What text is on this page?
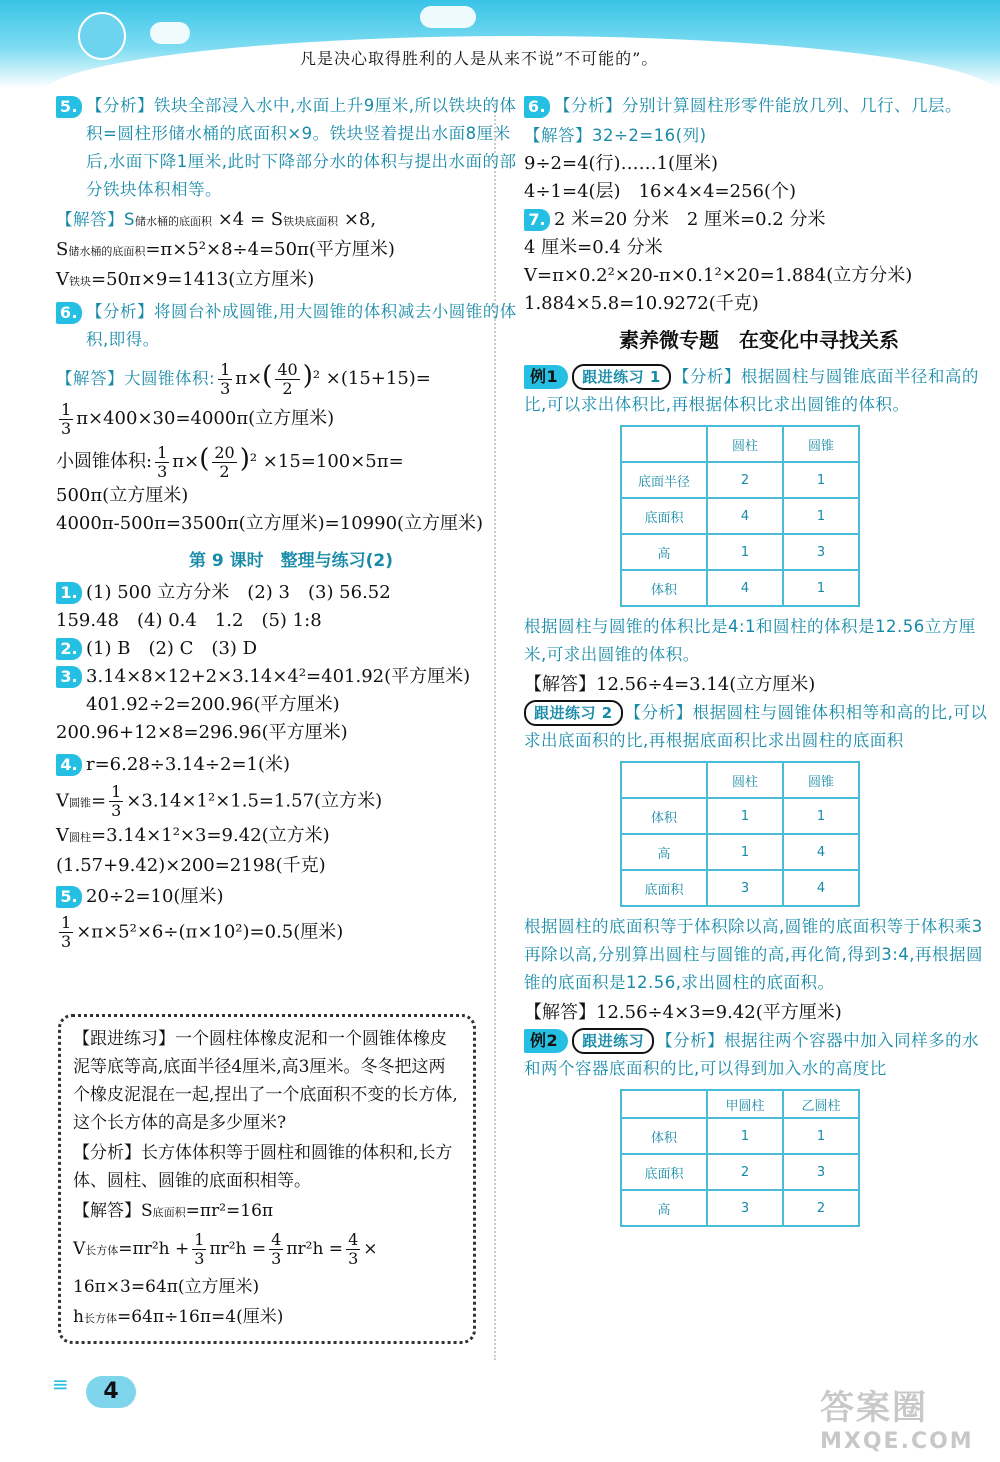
凡是决心取得胜利的人是从来不说”不可能的”。
5. 【分析】铁块全部浸入水中,水面上升9厘米,所以铁块的体积=圆柱形储水桶的底面积×9。铁块竖着提出水面8厘米后,水面下降1厘米,此时下降部分水的体积与提出水面的部分铁块体积相等。
【解答】S储水桶的底面积 ×4 = S铁块底面积 ×8,
S储水桶的底面积=π×5²×8÷4=50π(平方厘米)
V铁块=50π×9=1413(立方厘米)
6. 【分析】将圆台补成圆锥,用大圆锥的体积减去小圆锥的体积,即得。
【解答】大圆锥体积: $\frac{1}{3} \pi\times( \frac{40}{2} )^2 \times(15+15)=$
$\frac{1}{3} \pi\times 400\times 30=4000\pi$(立方厘米)
小圆锥体积: $\frac{1}{3} \pi\times( \frac{20}{2} )^2 \times 15=100\times 5\pi=$
500π(立方厘米)
4000π-500π=3500π(立方厘米)=10990(立方厘米)
第 9 课时　整理与练习(2)
1. (1) 500 立方分米　(2) 3　(3) 56.52
159.48　(4) 0.4　1.2　(5) 1:8
2. (1) B　(2) C　(3) D
3. 3.14×8×12+2×3.14×4²=401.92(平方厘米)　401.92÷2=200.96(平方厘米)
200.96+12×8=296.96(平方厘米)
4. r=6.28÷3.14÷2=1(米)
V圆锥= $\frac{1}{3} \times 3.14\times 1^2\times 1.5=1.57$(立方米)
V圆柱=3.14×1²×3=9.42(立方米)
(1.57+9.42)×200=2198(千克)
5. 20÷2=10(厘米)
$\frac{1}{3} \times\pi\times 5^2\times 6\div(\pi\times 10^2)=0.5$(厘米)
【跟进练习】一个圆柱体橡皮泥和一个圆锥体橡皮泥等底等高,底面半径4厘米,高3厘米。冬冬把这两个橡皮泥混在一起,捏出了一个底面积不变的长方体,这个长方体的高是多少厘米?
【分析】长方体体积等于圆柱和圆锥的体积和,长方体、圆柱、圆锥的底面积相等。
【解答】S底面积=πr²=16π
V长方体$=\pi r^2h + \frac{1}{3} \pi r^2h = \frac{4}{3} \pi r^2h = \frac{4}{3}$ ×
16π×3=64π(立方厘米)
h长方体=64π÷16π=4(厘米)
6. 【分析】分别计算圆柱形零件能放几列、几行、几层。
【解答】32÷2=16(列)
9÷2=4(行)……1(厘米)
4÷1=4(层)　16×4×4=256(个)
7. 2 米=20 分米　2 厘米=0.2 分米
4 厘米=0.4 分米
V=π×0.2²×20-π×0.1²×20=1.884(立方分米)　1.884×5.8=10.9272(千克)
素养微专题　在变化中寻找关系
例1 跟进练习 1 【分析】根据圆柱与圆锥底面半径和高的比,可以求出体积比,再根据体积比求出圆锥的体积。
	圆柱	圆锥
底面半径	2	1
底面积	4	1
高	1	3
体积	4	1
根据圆柱与圆锥的体积比是4:1和圆柱的体积是12.56立方厘米,可求出圆锥的体积。
【解答】12.56÷4=3.14(立方厘米)
跟进练习 2 【分析】根据圆柱与圆锥体积相等和高的比,可以求出底面积的比,再根据底面积比求出圆柱的底面积
	圆柱	圆锥
体积	1	1
高	1	4
底面积	3	4
根据圆柱的底面积等于体积除以高,圆锥的底面积等于体积乘3再除以高,分别算出圆柱与圆锥的高,再化简,得到3:4,再根据圆锥的底面积是12.56,求出圆柱的底面积。
【解答】12.56÷4×3=9.42(平方厘米)
例2 跟进练习 【分析】根据往两个容器中加入同样多的水和两个容器底面积的比,可以得到加入水的高度比
	甲圆柱	乙圆柱
体积	1	1
底面积	2	3
高	3	2
≡	4	答案圈
MXQE.COM
